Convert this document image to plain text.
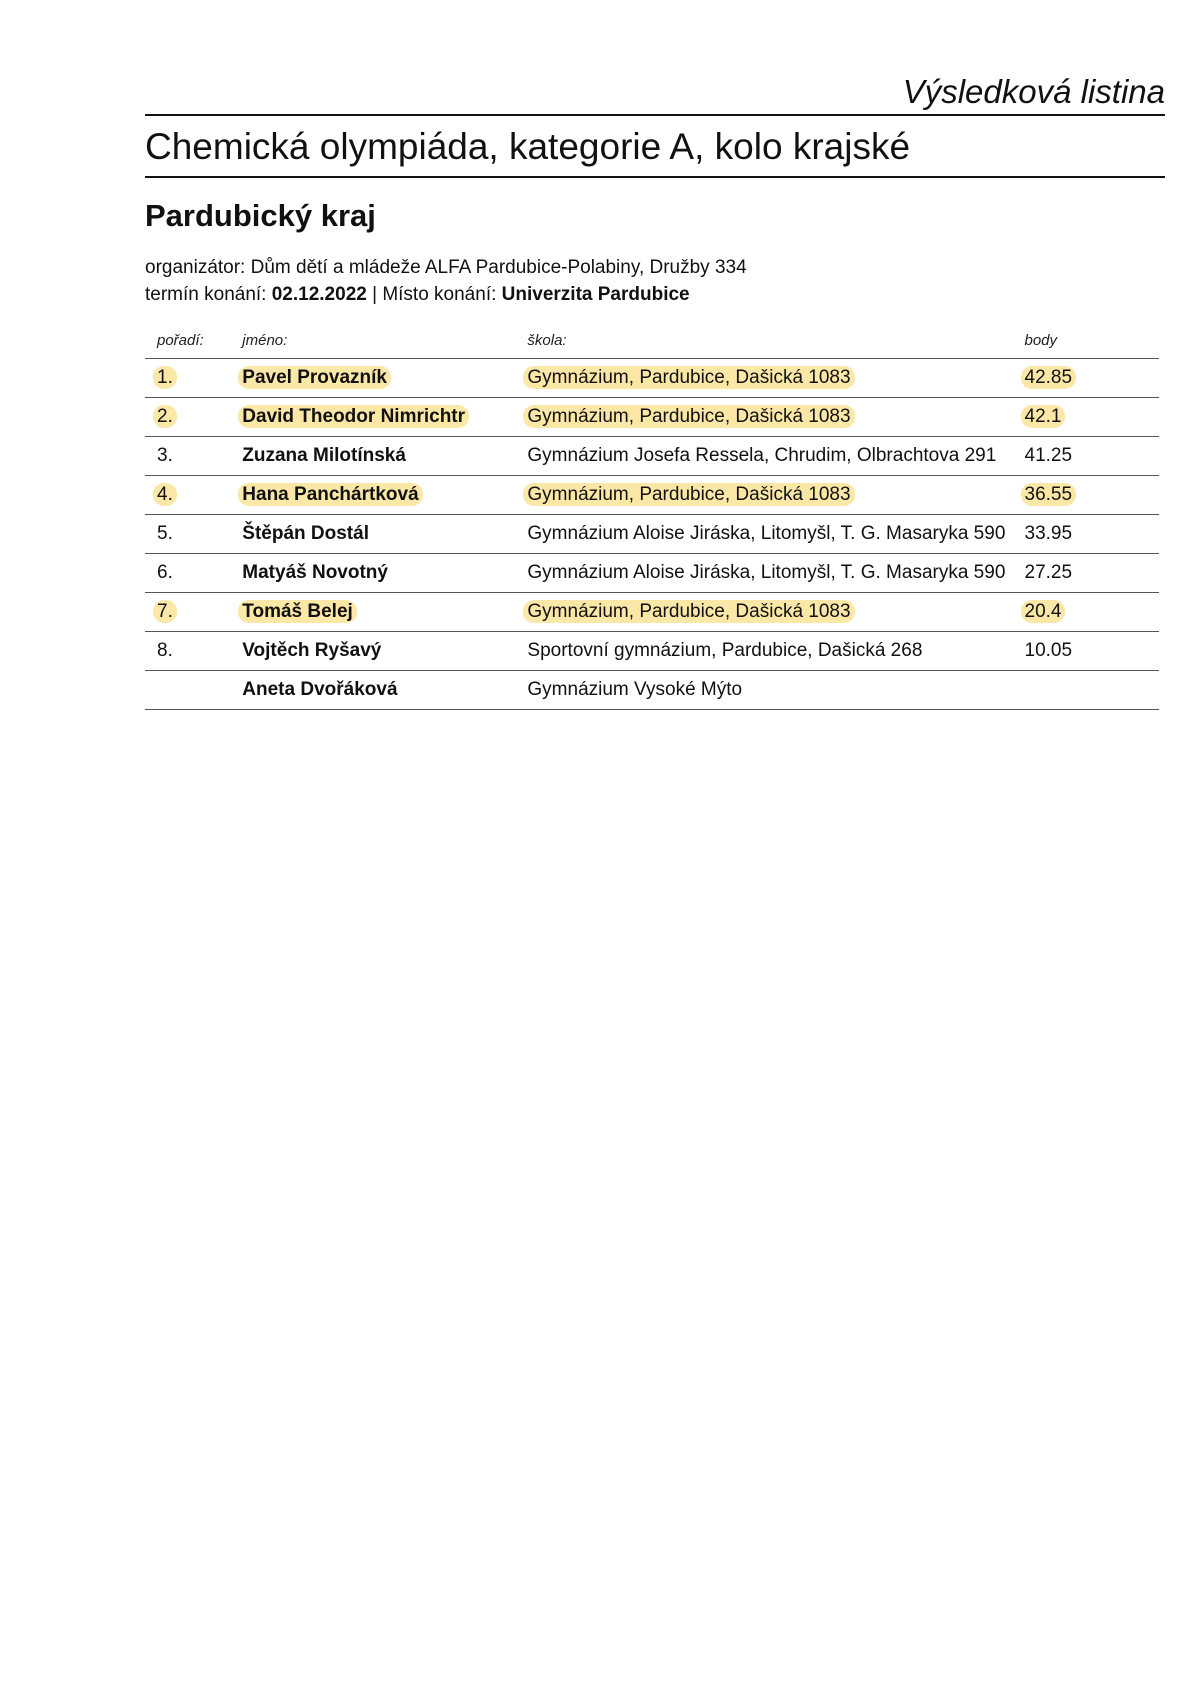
Výsledková listina
Chemická olympiáda, kategorie A, kolo krajské
Pardubický kraj
organizátor: Dům dětí a mládeže ALFA Pardubice-Polabiny, Družby 334
termín konání: 02.12.2022 | Místo konání: Univerzita Pardubice
pořadí:	jméno:	škola:	body
1.	Pavel Provazník	Gymnázium, Pardubice, Dašická 1083	42.85
2.	David Theodor Nimrichtr	Gymnázium, Pardubice, Dašická 1083	42.1
3.	Zuzana Milotínská	Gymnázium Josefa Ressela, Chrudim, Olbrachtova 291	41.25
4.	Hana Panchártková	Gymnázium, Pardubice, Dašická 1083	36.55
5.	Štěpán Dostál	Gymnázium Aloise Jiráska, Litomyšl, T. G. Masaryka 590	33.95
6.	Matyáš Novotný	Gymnázium Aloise Jiráska, Litomyšl, T. G. Masaryka 590	27.25
7.	Tomáš Belej	Gymnázium, Pardubice, Dašická 1083	20.4
8.	Vojtěch Ryšavý	Sportovní gymnázium, Pardubice, Dašická 268	10.05
	Aneta Dvořáková	Gymnázium Vysoké Mýto	
